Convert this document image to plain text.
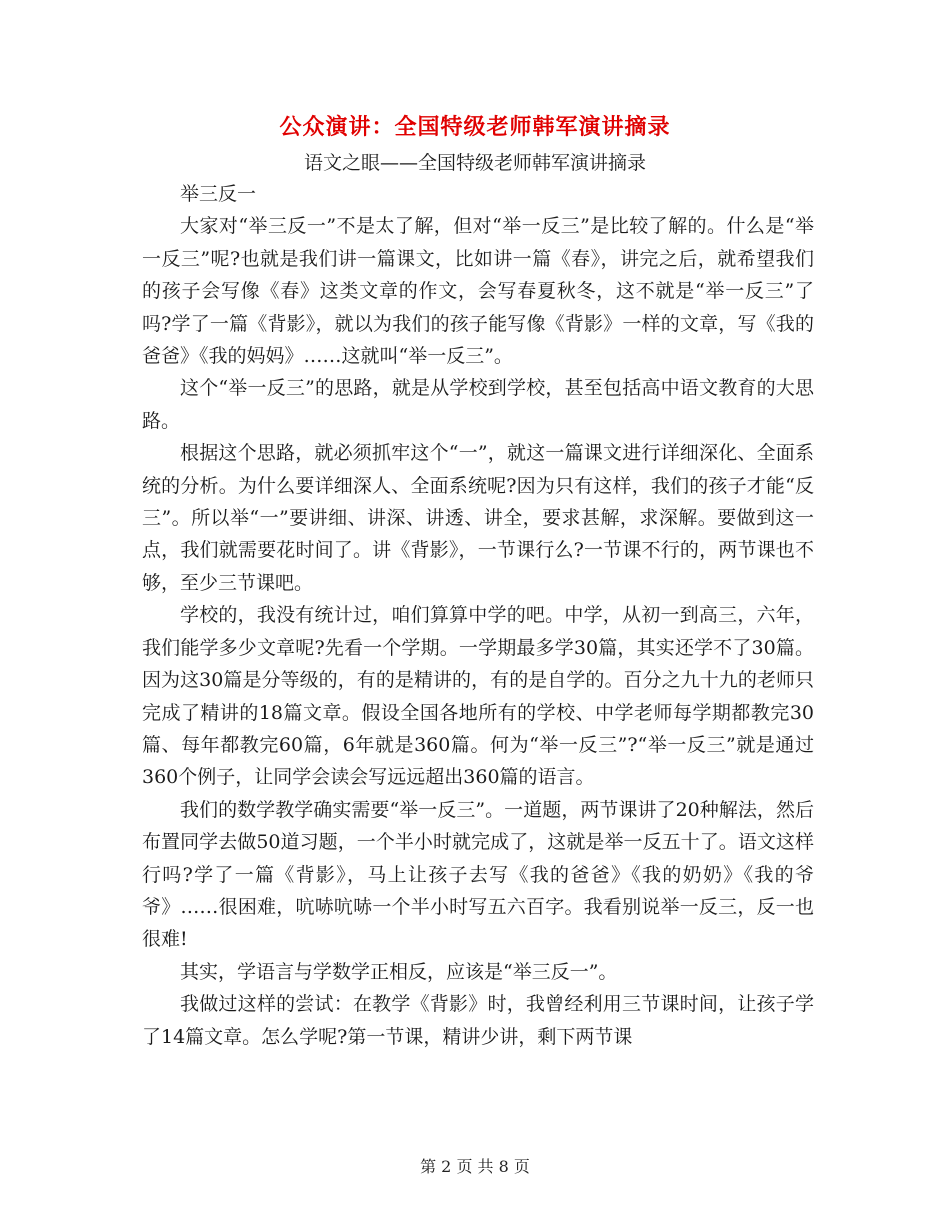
公众演讲：全国特级老师韩军演讲摘录
语文之眼——全国特级老师韩军演讲摘录

举三反一

大家对“举三反一”不是太了解，但对“举一反三”是比较了解的。什么是“举一反三”呢?也就是我们讲一篇课文，比如讲一篇《春》，讲完之后，就希望我们的孩子会写像《春》这类文章的作文，会写春夏秋冬，这不就是“举一反三”了吗?学了一篇《背影》，就以为我们的孩子能写像《背影》一样的文章，写《我的爸爸》《我的妈妈》……这就叫“举一反三”。

这个“举一反三”的思路，就是从学校到学校，甚至包括高中语文教育的大思路。

根据这个思路，就必须抓牢这个“一”，就这一篇课文进行详细深化、全面系统的分析。为什么要详细深人、全面系统呢?因为只有这样，我们的孩子才能“反三”。所以举“一”要讲细、讲深、讲透、讲全，要求甚解，求深解。要做到这一点，我们就需要花时间了。讲《背影》，一节课行么?一节课不行的，两节课也不够，至少三节课吧。

学校的，我没有统计过，咱们算算中学的吧。中学，从初一到高三，六年，我们能学多少文章呢?先看一个学期。一学期最多学30篇，其实还学不了30篇。因为这30篇是分等级的，有的是精讲的，有的是自学的。百分之九十九的老师只完成了精讲的18篇文章。假设全国各地所有的学校、中学老师每学期都教完30篇、每年都教完60篇，6年就是360篇。何为“举一反三”?“举一反三”就是通过360个例子，让同学会读会写远远超出360篇的语言。

我们的数学教学确实需要“举一反三”。一道题，两节课讲了20种解法，然后布置同学去做50道习题，一个半小时就完成了，这就是举一反五十了。语文这样行吗?学了一篇《背影》，马上让孩子去写《我的爸爸》《我的奶奶》《我的爷爷》……很困难，吭哧吭哧一个半小时写五六百字。我看别说举一反三，反一也很难!

其实，学语言与学数学正相反，应该是“举三反一”。

我做过这样的尝试：在教学《背影》时，我曾经利用三节课时间，让孩子学了14篇文章。怎么学呢?第一节课，精讲少讲，剩下两节课

第 2 页 共 8 页
